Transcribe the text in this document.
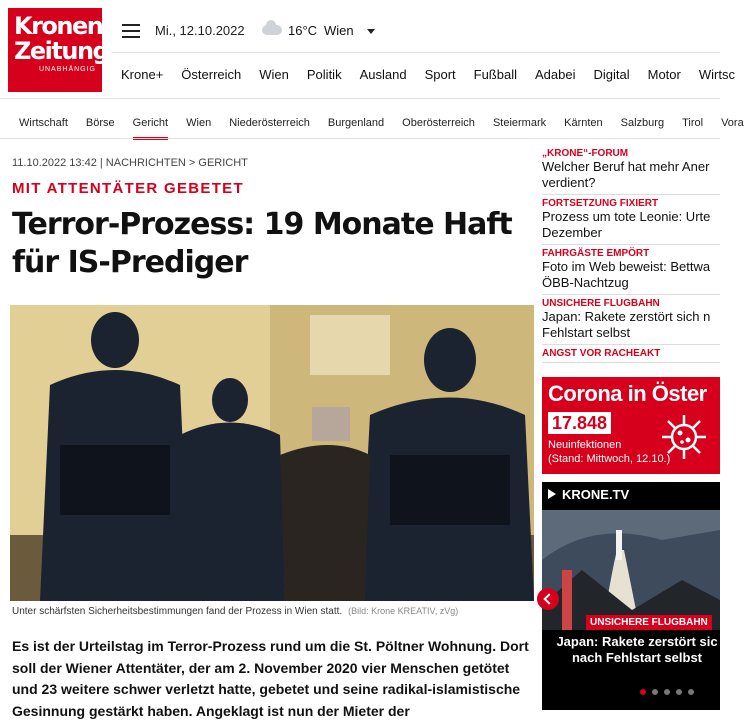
Kronen
Zeitung
UNABHÄNGIG
Mi., 12.10.2022	16°C Wien
Krone+ Österreich Wien Politik Ausland Sport Fußball Adabei Digital Motor Wirtsc
Wirtschaft Börse Gericht Wien Niederösterreich Burgenland Oberösterreich Steiermark Kärnten Salzburg Tirol Vora
11.10.2022 13:42 | NACHRICHTEN > GERICHT
MIT ATTENTÄTER GEBETET
Terror-Prozess: 19 Monate Haft für IS-Prediger
Unter schärfsten Sicherheitsbestimmungen fand der Prozess in Wien statt. (Bild: Krone KREATIV, zVg)

Es ist der Urteilstag im Terror-Prozess rund um die St. Pöltner Wohnung. Dort soll der Wiener Attentäter, der am 2. November 2020 vier Menschen getötet und 23 weitere schwer verletzt hatte, gebetet und seine radikal-islamistische Gesinnung gestärkt haben. Angeklagt ist nun der Mieter der

„KRONE“-FORUM
Welcher Beruf hat mehr Aner
verdient?
FORTSETZUNG FIXIERT
Prozess um tote Leonie: Urte
Dezember
FAHRGÄSTE EMPÖRT
Foto im Web beweist: Bettwa
ÖBB-Nachtzug
UNSICHERE FLUGBAHN
Japan: Rakete zerstört sich n
Fehlstart selbst
ANGST VOR RACHEAKT
Corona in Öster
17.848
Neuinfektionen
(Stand: Mittwoch, 12.10.)
KRONE.TV
UNSICHERE FLUGBAHN
Japan: Rakete zerstört sic
nach Fehlstart selbst
